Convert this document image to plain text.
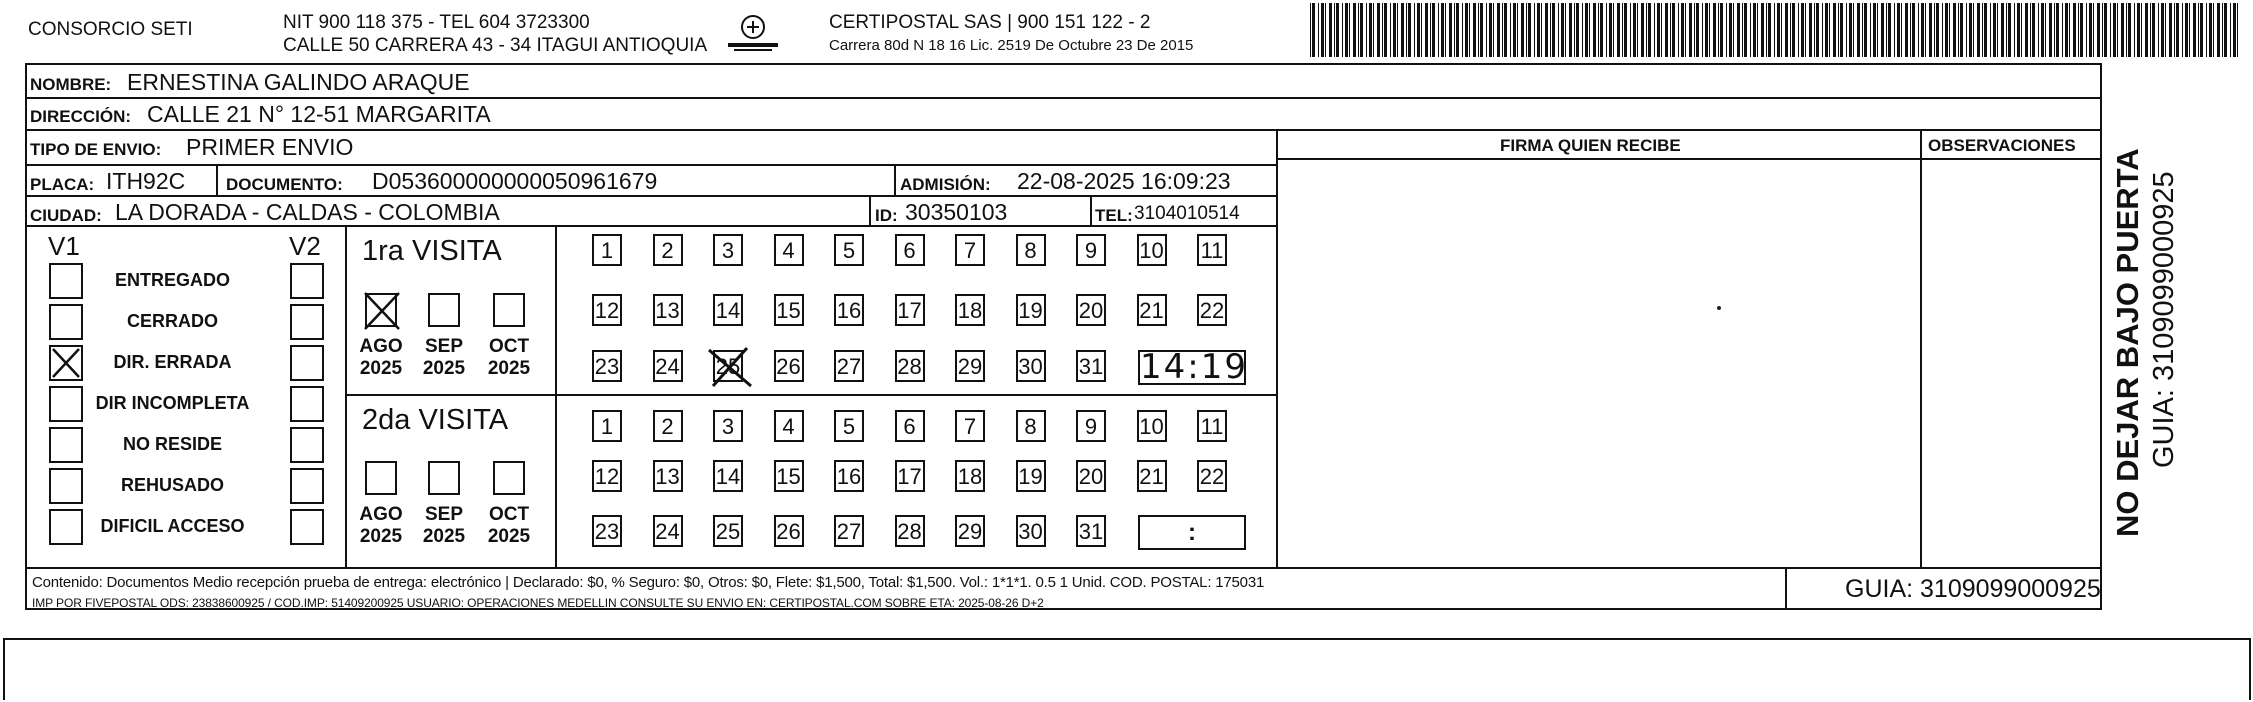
CONSORCIO SETI	NIT 900 118 375 - TEL 604 3723300
CALLE 50 CARRERA 43 - 34 ITAGUI ANTIOQUIA
CERTIPOSTAL SAS | 900 151 122 - 2
Carrera 80d N 18 16 Lic. 2519 De Octubre 23 De 2015
NOMBRE: ERNESTINA GALINDO ARAQUE
DIRECCIÓN: CALLE 21 N° 12-51 MARGARITA
TIPO DE ENVIO: PRIMER ENVIO
PLACA: ITH92C DOCUMENTO: D053600000000050961679	ADMISIÓN: 22-08-2025 16:09:23
CIUDAD: LA DORADA - CALDAS - COLOMBIA	ID: 30350103	TEL: 3104010514
FIRMA QUIEN RECIBE	OBSERVACIONES
V1	V2
ENTREGADO
CERRADO
DIR. ERRADA
DIR INCOMPLETA
NO RESIDE
REHUSADO
DIFICIL ACCESO
1ra VISITA
AGO
2025
SEP
2025
OCT
2025
1	2	3	4	5	6	7	8	9	10 11
12 13 14 15 16 17 18 19 20 21 22
23 24 25 26 27 28 29 30 31 14:19
2da VISITA
AGO
2025
SEP
2025
OCT
2025
1	2	3	4	5	6	7	8	9	10 11
12 13 14 15 16 17 18 19 20 21 22
23 24 25 26 27 28 29 30 31	:
Contenido: Documentos Medio recepción prueba de entrega: electrónico | Declarado: $0, % Seguro: $0, Otros: $0, Flete: $1,500, Total: $1,500. Vol.: 1*1*1. 0.5 1 Unid. COD. POSTAL: 175031
IMP POR FIVEPOSTAL ODS: 23838600925 / COD.IMP: 51409200925 USUARIO: OPERACIONES MEDELLIN CONSULTE SU ENVIO EN: CERTIPOSTAL.COM SOBRE ETA: 2025-08-26 D+2	GUIA: 3109099000925
NO DEJAR BAJO PUERTA GUIA: 3109099000925
